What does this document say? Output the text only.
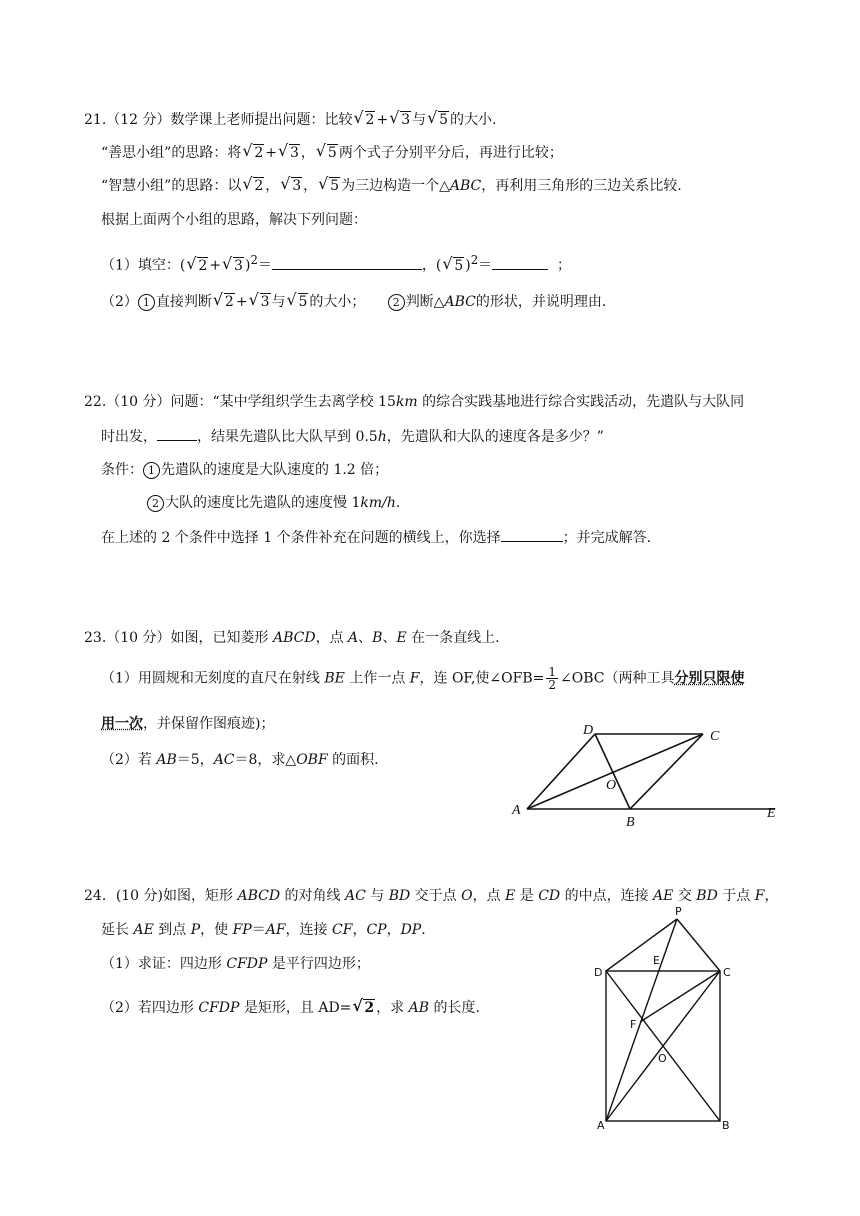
21.（12 分）数学课上老师提出问题：比较 √ 2 + √ 3 与 √ 5 的大小.
“善思小组”的思路：将 √ 2 + √ 3 ， √ 5 两个式子分别平分后，再进行比较；
“智慧小组”的思路：以 √ 2 ， √ 3 ， √ 5 为三边构造一个△ABC，再利用三角形的三边关系比较.
根据上面两个小组的思路，解决下列问题：
（1）填空：( √ 2 + √ 3 )$^2$＝	，( √ 5 )$^2$＝	；
（2） 1 直接判断 √ 2 + √ 3 与 √ 5 的大小； 2 判断△ABC的形状，并说明理由.
22.（10 分）问题：“某中学组织学生去离学校 15km 的综合实践基地进行综合实践活动，先遣队与大队同
时出发，	，结果先遣队比大队早到 0.5h，先遣队和大队的速度各是多少？”
条件： 1 先遣队的速度是大队速度的 1.2 倍；
2 大队的速度比先遣队的速度慢 1km/h.
在上述的 2 个条件中选择 1 个条件补充在问题的横线上，你选择	；并完成解答.
23.（10 分）如图，已知菱形 ABCD，点 A、B、E 在一条直线上.
（1）用圆规和无刻度的直尺在射线 BE 上作一点 F，连 OF,使∠OFB= $\frac{1}{2}$ ∠OBC（两种工具分别只限使
用一次，并保留作图痕迹)；
（2）若 AB＝5，AC＝8，求△OBF 的面积.
D	C
O
A
B
E
24．(10 分)如图，矩形 ABCD 的对角线 AC 与 BD 交于点 O，点 E 是 CD 的中点，连接 AE 交 BD 于点 F，
延长 AE 到点 P，使 FP＝AF，连接 CF，CP，DP.
（1）求证：四边形 CFDP 是平行四边形；
（2）若四边形 CFDP 是矩形，且 AD= √ 2 ，求 AB 的长度.
P
D
E
C
F
O
A	B
